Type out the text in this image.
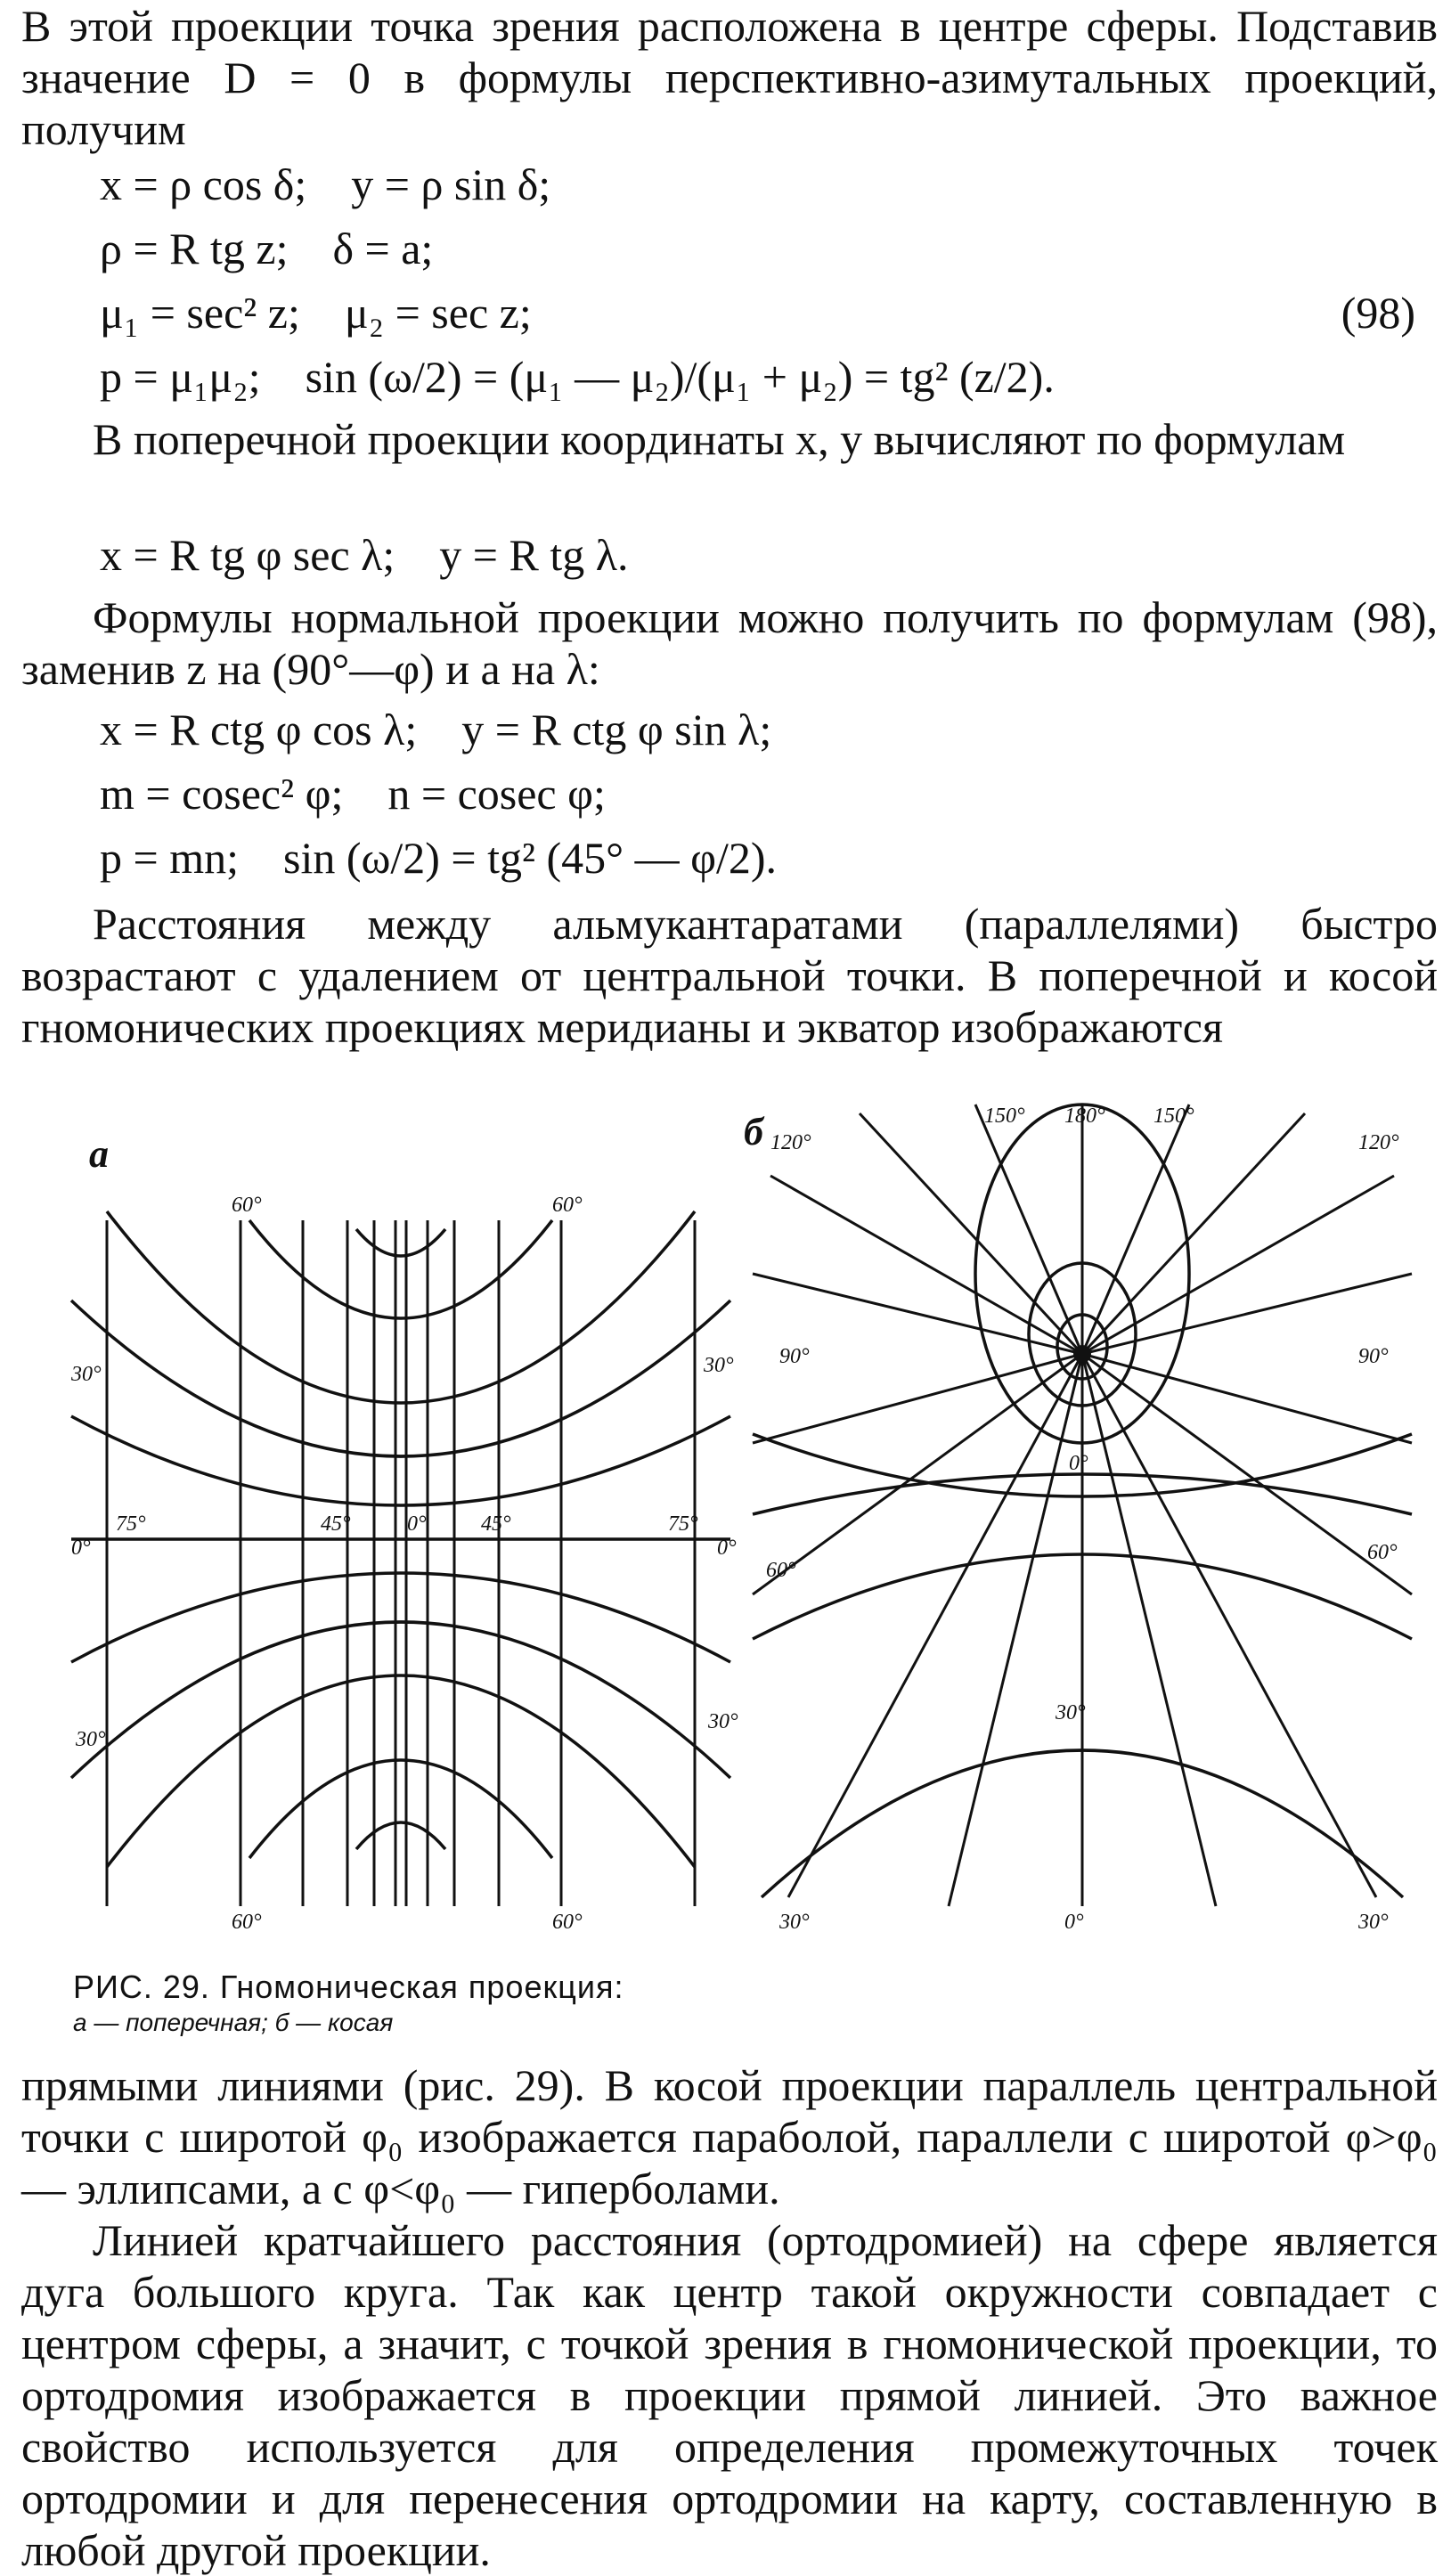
В этой проекции точка зрения расположена в центре сферы. Подставив значение D = 0 в формулы перспективно-азимутальных проекций, получим

x = ρ cos δ;    y = ρ sin δ;
ρ = R tg z;    δ = a;
μ₁ = sec² z;    μ₂ = sec z;	(98)
p = μ₁μ₂;    sin (ω/2) = (μ₁ — μ₂)/(μ₁ + μ₂) = tg² (z/2).

В поперечной проекции координаты x, y вычисляют по формулам

x = R tg φ sec λ;    y = R tg λ.

Формулы нормальной проекции можно получить по формулам (98), заменив z на (90°—φ) и a на λ:

x = R ctg φ cos λ;    y = R ctg φ sin λ;
m = cosec² φ;    n = cosec φ;
p = mn;    sin (ω/2) = tg² (45° — φ/2).

Расстояния между альмукантаратами (параллелями) быстро возрастают с удалением от центральной точки. В поперечной и косой гномонических проекциях меридианы и экватор изображаются

а
60°	60°
30°	30°
0°	0°
75°	75°
45°	0°	45°
30°
30°
60°	60°
б	150° 180° 150°
120°	120°
90°	90°
0°
60°
60°
30°
30°	0°	30°
РИС. 29. Гномоническая проекция:
а — поперечная; б — косая

прямыми линиями (рис. 29). В косой проекции параллель центральной точки с широтой φ₀ изображается параболой, параллели с широтой φ>φ₀ — эллипсами, а с φ<φ₀ — гиперболами.

Линией кратчайшего расстояния (ортодромией) на сфере является дуга большого круга. Так как центр такой окружности совпадает с центром сферы, а значит, с точкой зрения в гномонической проекции, то ортодромия изображается в проекции прямой линией. Это важное свойство используется для определения промежуточных точек ортодромии и для перенесения ортодромии на карту, составленную в любой другой проекции.
